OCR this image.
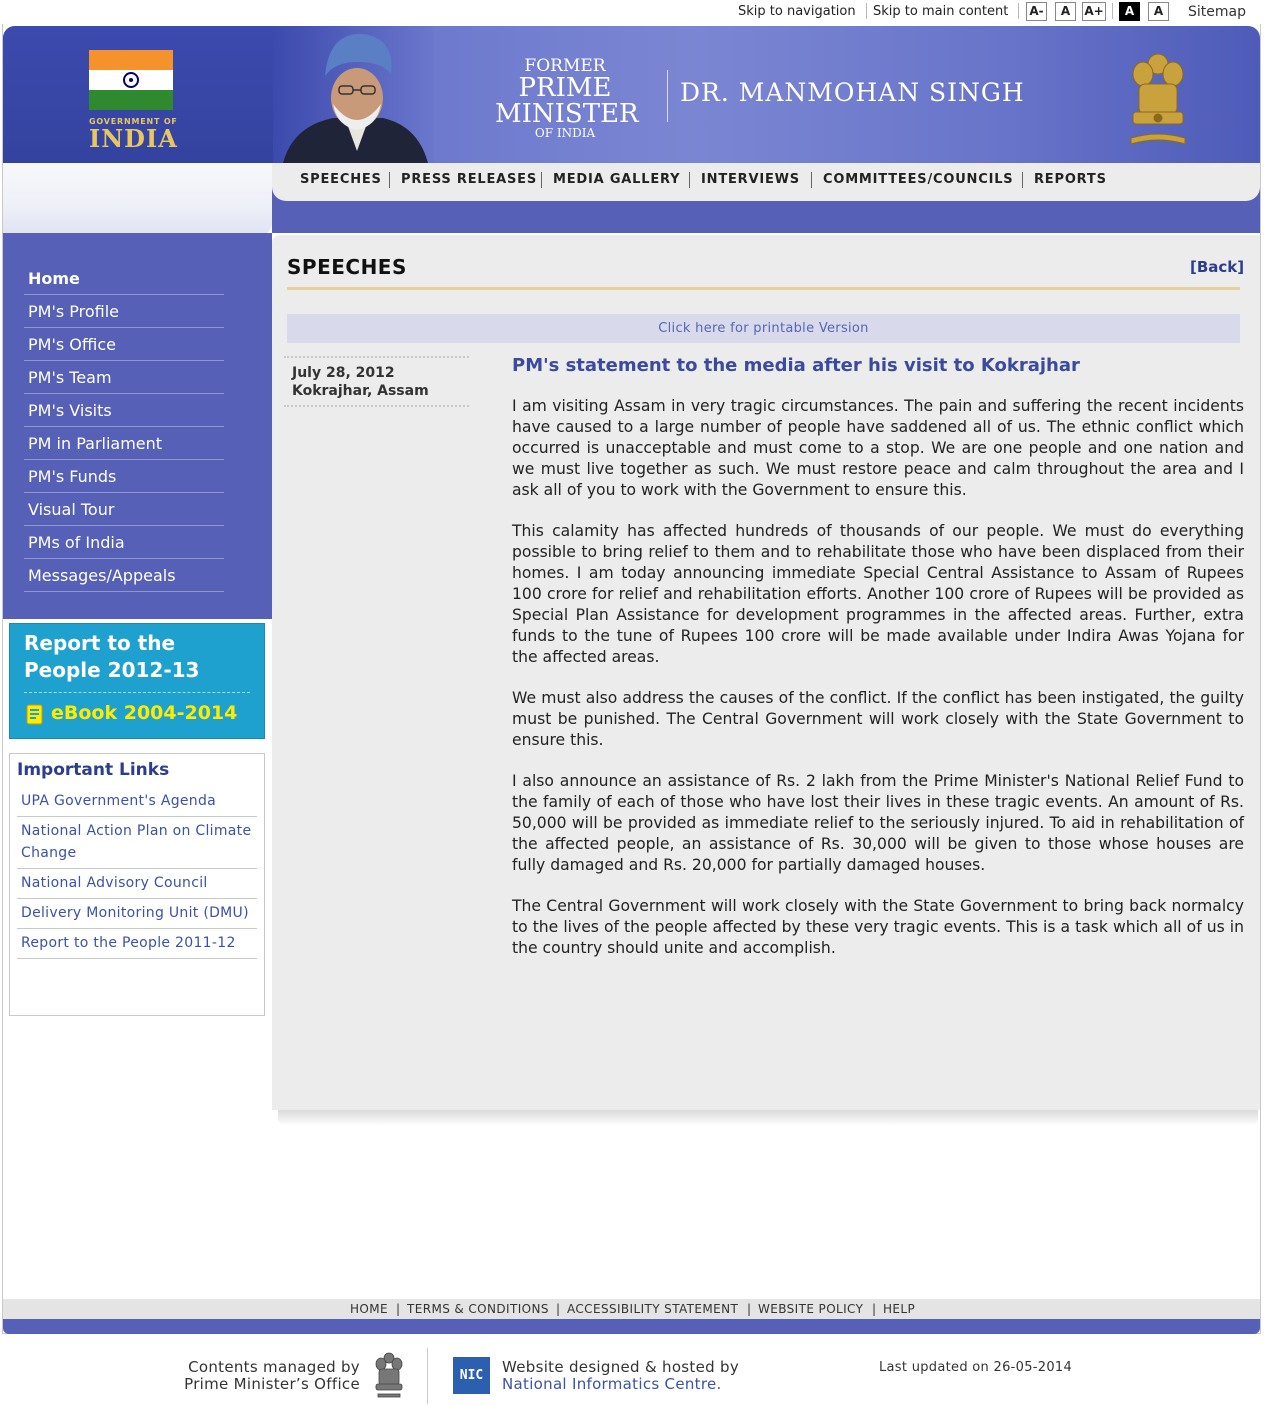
Skip to navigation Skip to main content A-	A	A+	A	A	Sitemap
GOVERNMENT OF
INDIA
FORMER
PRIME
MINISTER
OF INDIA
DR. MANMOHAN SINGH
SPEECHES PRESS RELEASES MEDIA GALLERY INTERVIEWS COMMITTEES/COUNCILS REPORTS
Home
PM's Profile
PM's Office
PM's Team
PM's Visits
PM in Parliament
PM's Funds
Visual Tour
PMs of India
Messages/Appeals
Report to the People 2012-13
eBook 2004-2014
Important Links
UPA Government's Agenda
National Action Plan on Climate Change
National Advisory Council
Delivery Monitoring Unit (DMU)
Report to the People 2011-12
SPEECHES	[Back]
Click here for printable Version
July 28, 2012
Kokrajhar, Assam
PM's statement to the media after his visit to Kokrajhar

I am visiting Assam in very tragic circumstances. The pain and suffering the recent incidents have caused to a large number of people have saddened all of us. The ethnic conflict which occurred is unacceptable and must come to a stop. We are one people and one nation and we must live together as such. We must restore peace and calm throughout the area and I ask all of you to work with the Government to ensure this.

This calamity has affected hundreds of thousands of our people. We must do everything possible to bring relief to them and to rehabilitate those who have been displaced from their homes. I am today announcing immediate Special Central Assistance to Assam of Rupees 100 crore for relief and rehabilitation efforts. Another 100 crore of Rupees will be provided as Special Plan Assistance for development programmes in the affected areas. Further, extra funds to the tune of Rupees 100 crore will be made available under Indira Awas Yojana for the affected areas.

We must also address the causes of the conflict. If the conflict has been instigated, the guilty must be punished. The Central Government will work closely with the State Government to ensure this.

I also announce an assistance of Rs. 2 lakh from the Prime Minister's National Relief Fund to the family of each of those who have lost their lives in these tragic events. An amount of Rs. 50,000 will be provided as immediate relief to the seriously injured. To aid in rehabilitation of the affected people, an assistance of Rs. 30,000 will be given to those whose houses are fully damaged and Rs. 20,000 for partially damaged houses.

The Central Government will work closely with the State Government to bring back normalcy to the lives of the people affected by these very tragic events. This is a task which all of us in the country should unite and accomplish.

HOME | TERMS & CONDITIONS | ACCESSIBILITY STATEMENT | WEBSITE POLICY | HELP
Contents managed by
Prime Minister’s Office	NIC	Website designed & hosted by
National Informatics Centre.
Last updated on 26-05-2014
